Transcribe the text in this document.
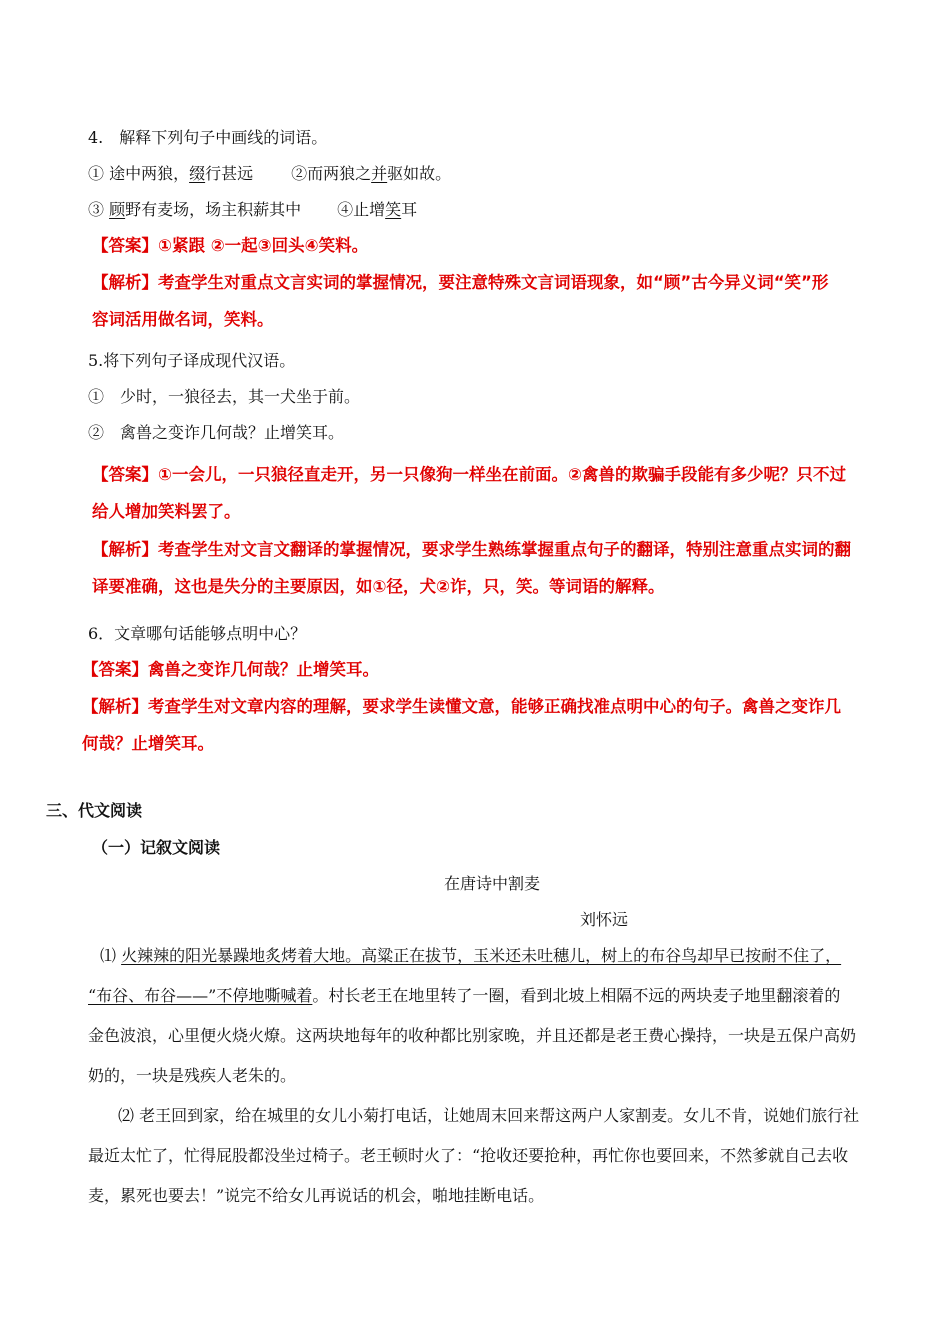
4.　解释下列句子中画线的词语。
① 途中两狼，缀行甚远 ②而两狼之并驱如故。
③ 顾野有麦场，场主积薪其中 ④止增笑耳
【答案】①紧跟 ②一起③回头④笑料。
【解析】考查学生对重点文言实词的掌握情况，要注意特殊文言词语现象，如“顾”古今异义词“笑”形
容词活用做名词，笑料。
5.将下列句子译成现代汉语。
①　少时，一狼径去，其一犬坐于前。
②　禽兽之变诈几何哉？止增笑耳。
【答案】①一会儿，一只狼径直走开，另一只像狗一样坐在前面。②禽兽的欺骗手段能有多少呢？只不过
给人增加笑料罢了。
【解析】考查学生对文言文翻译的掌握情况，要求学生熟练掌握重点句子的翻译，特别注意重点实词的翻
译要准确，这也是失分的主要原因，如①径，犬②诈，只，笑。等词语的解释。
6．文章哪句话能够点明中心？
【答案】禽兽之变诈几何哉？止增笑耳。
【解析】考查学生对文章内容的理解，要求学生读懂文意，能够正确找准点明中心的句子。禽兽之变诈几
何哉？止增笑耳。
三、代文阅读
（一）记叙文阅读
在唐诗中割麦
刘怀远
⑴ 火辣辣的阳光暴躁地炙烤着大地。高粱正在拔节，玉米还未吐穗儿，树上的布谷鸟却早已按耐不住了，
“布谷、布谷——”不停地嘶喊着。村长老王在地里转了一圈，看到北坡上相隔不远的两块麦子地里翻滚着的
金色波浪，心里便火烧火燎。这两块地每年的收种都比别家晚，并且还都是老王费心操持，一块是五保户高奶
奶的，一块是残疾人老朱的。
⑵ 老王回到家，给在城里的女儿小菊打电话，让她周末回来帮这两户人家割麦。女儿不肯，说她们旅行社
最近太忙了，忙得屁股都没坐过椅子。老王顿时火了：“抢收还要抢种，再忙你也要回来，不然爹就自己去收
麦，累死也要去！”说完不给女儿再说话的机会，啪地挂断电话。
